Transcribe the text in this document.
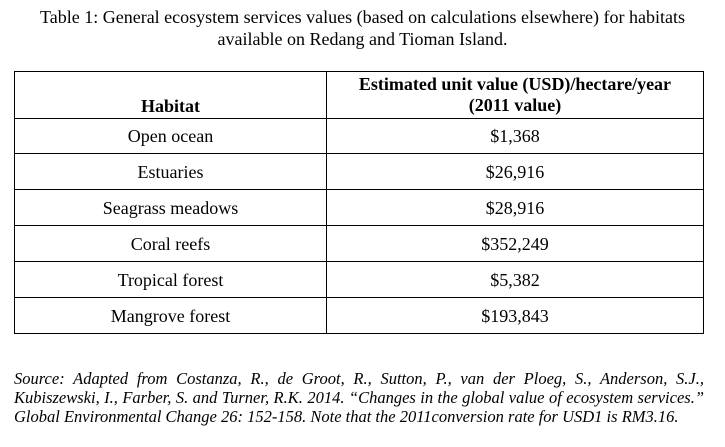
Table 1: General ecosystem services values (based on calculations elsewhere) for habitats
available on Redang and Tioman Island.
Habitat	Estimated unit value (USD)/hectare/year
(2011 value)
Open ocean	$1,368
Estuaries	$26,916
Seagrass meadows	$28,916
Coral reefs	$352,249
Tropical forest	$5,382
Mangrove forest	$193,843

Source: Adapted from Costanza, R., de Groot, R., Sutton, P., van der Ploeg, S., Anderson, S.J., Kubiszewski, I., Farber, S. and Turner, R.K. 2014. “Changes in the global value of ecosystem services.” Global Environmental Change 26: 152-158. Note that the 2011conversion rate for USD1 is RM3.16.
